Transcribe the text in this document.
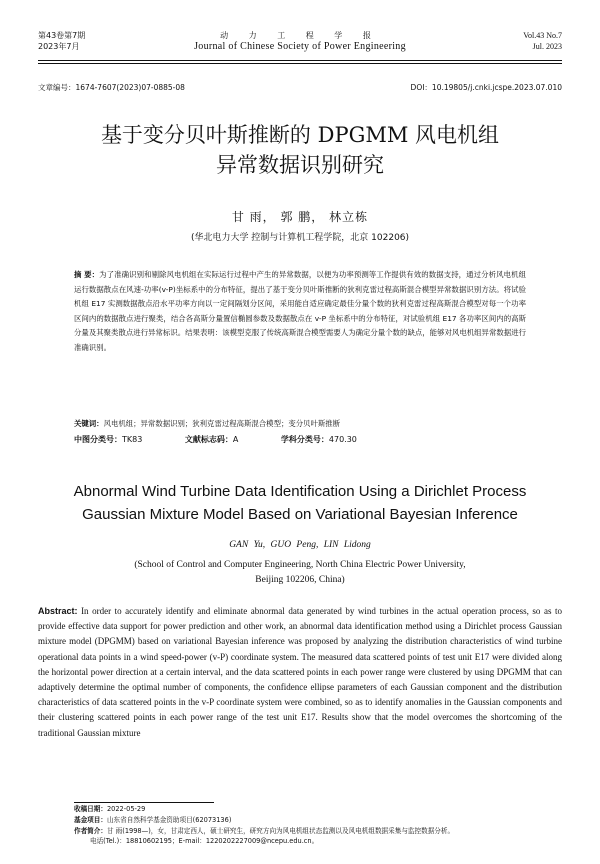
第43卷第7期
2023年7月
动 力 工 程 学 报
Journal of Chinese Society of Power Engineering
Vol.43 No.7
Jul. 2023
文章编号：1674-7607(2023)07-0885-08	DOI：10.19805/j.cnki.jcspe.2023.07.010
基于变分贝叶斯推断的 DPGMM 风电机组
异常数据识别研究
甘 雨， 郭 鹏， 林立栋
(华北电力大学 控制与计算机工程学院，北京 102206)
摘 要：为了准确识别和剔除风电机组在实际运行过程中产生的异常数据，以便为功率预测等工作提供有效的数据支持，通过分析风电机组运行数据散点在风速-功率(v-P)坐标系中的分布特征，提出了基于变分贝叶斯推断的狄利克雷过程高斯混合模型异常数据识别方法。将试验机组 E17 实测数据散点沿水平功率方向以一定间隔划分区间，采用能自适应确定最佳分量个数的狄利克雷过程高斯混合模型对每一个功率区间内的数据散点进行聚类，结合各高斯分量置信椭圆参数及数据散点在 v-P 坐标系中的分布特征，对试验机组 E17 各功率区间内的高斯分量及其聚类散点进行异常标识。结果表明：该模型克服了传统高斯混合模型需要人为确定分量个数的缺点，能够对风电机组异常数据进行准确识别。
关键词：风电机组；异常数据识别；狄利克雷过程高斯混合模型；变分贝叶斯推断
中图分类号：TK83	文献标志码：A	学科分类号：470.30
Abnormal Wind Turbine Data Identification Using a Dirichlet Process
Gaussian Mixture Model Based on Variational Bayesian Inference
GAN Yu, GUO Peng, LIN Lidong
(School of Control and Computer Engineering, North China Electric Power University,
Beijing 102206, China)
Abstract: In order to accurately identify and eliminate abnormal data generated by wind turbines in the actual operation process, so as to provide effective data support for power prediction and other work, an abnormal data identification method using a Dirichlet process Gaussian mixture model (DPGMM) based on variational Bayesian inference was proposed by analyzing the distribution characteristics of wind turbine operational data points in a wind speed-power (v-P) coordinate system. The measured data scattered points of test unit E17 were divided along the horizontal power direction at a certain interval, and the data scattered points in each power range were clustered by using DPGMM that can adaptively determine the optimal number of components, the confidence ellipse parameters of each Gaussian component and the distribution characteristics of data scattered points in the v-P coordinate system were combined, so as to identify anomalies in the Gaussian components and their clustering scattered points in each power range of the test unit E17. Results show that the model overcomes the shortcoming of the traditional Gaussian mixture
收稿日期：2022-05-29
基金项目：山东省自然科学基金资助项目(62073136)
作者简介：甘 雨(1998—)，女，甘肃定西人，硕士研究生，研究方向为风电机组状态监测以及风电机组数据采集与监控数据分析。
电话(Tel.)：18810602195；E-mail：1220202227009@ncepu.edu.cn。
